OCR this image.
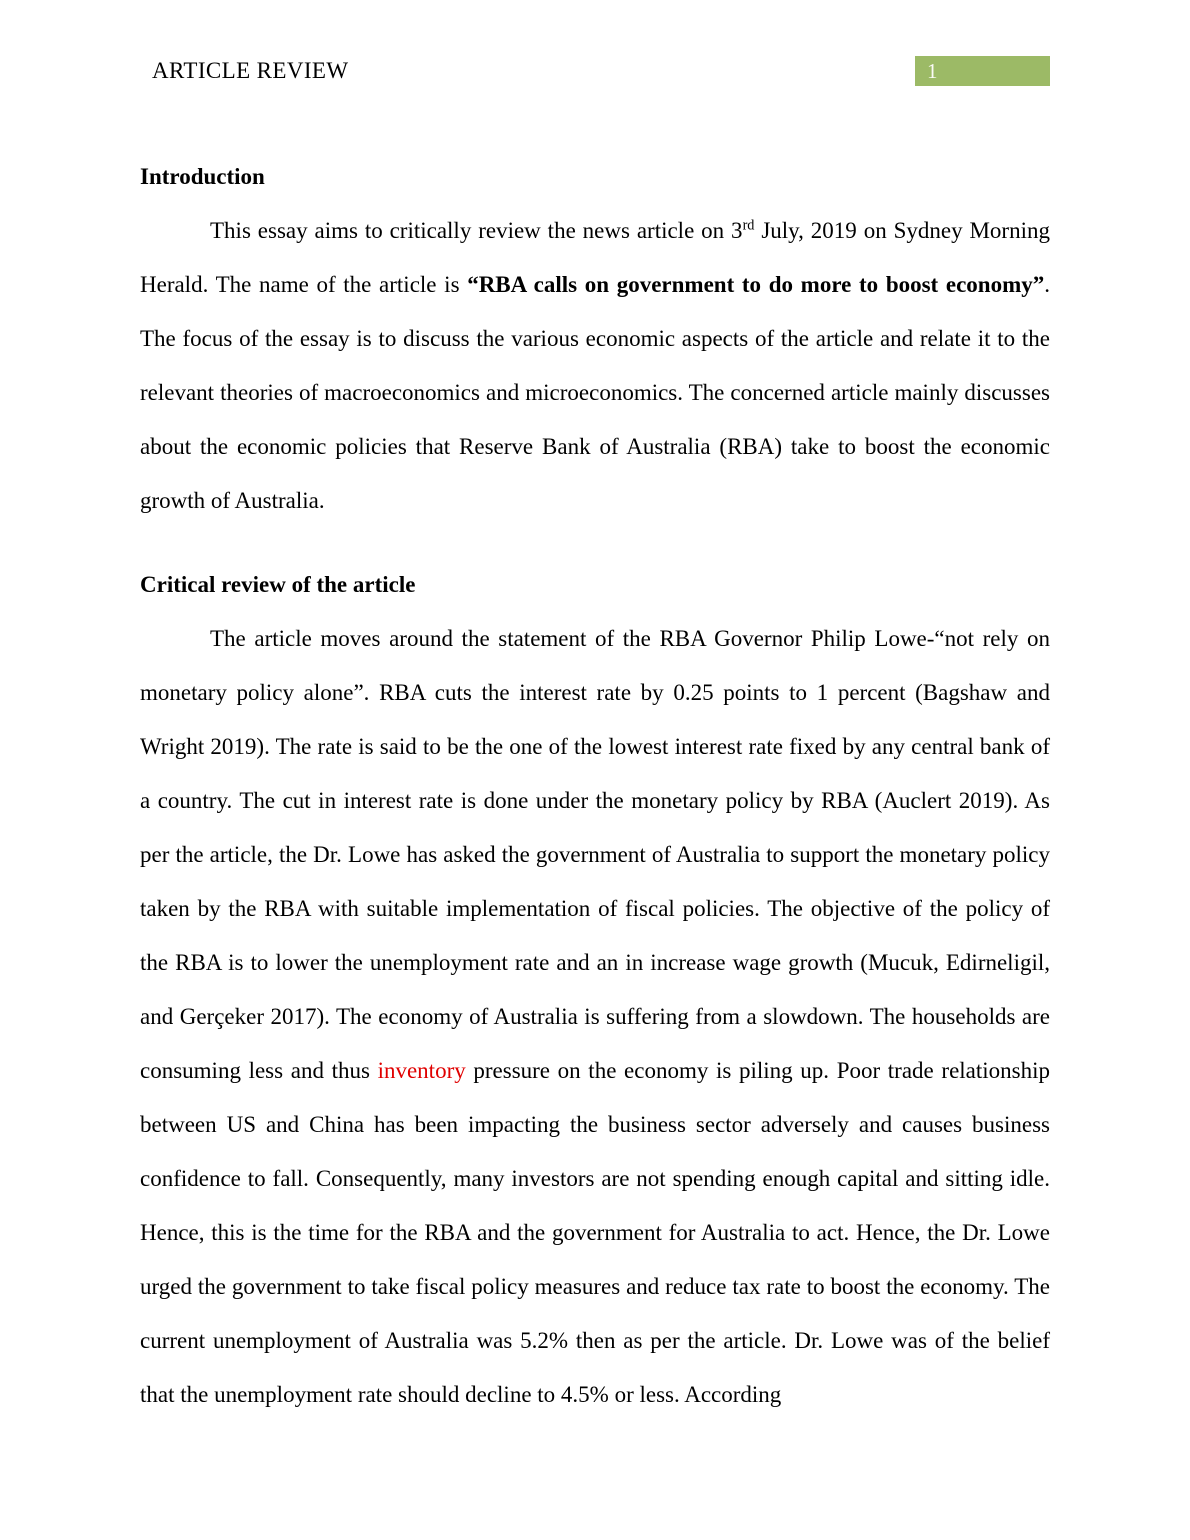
ARTICLE REVIEW	1
Introduction

This essay aims to critically review the news article on 3rd July, 2019 on Sydney Morning Herald. The name of the article is “RBA calls on government to do more to boost economy”. The focus of the essay is to discuss the various economic aspects of the article and relate it to the relevant theories of macroeconomics and microeconomics. The concerned article mainly discusses about the economic policies that Reserve Bank of Australia (RBA) take to boost the economic growth of Australia.

Critical review of the article

The article moves around the statement of the RBA Governor Philip Lowe-“not rely on monetary policy alone”. RBA cuts the interest rate by 0.25 points to 1 percent (Bagshaw and Wright 2019). The rate is said to be the one of the lowest interest rate fixed by any central bank of a country. The cut in interest rate is done under the monetary policy by RBA (Auclert 2019). As per the article, the Dr. Lowe has asked the government of Australia to support the monetary policy taken by the RBA with suitable implementation of fiscal policies. The objective of the policy of the RBA is to lower the unemployment rate and an in increase wage growth (Mucuk, Edirneligil, and Gerçeker 2017). The economy of Australia is suffering from a slowdown. The households are consuming less and thus inventory pressure on the economy is piling up. Poor trade relationship between US and China has been impacting the business sector adversely and causes business confidence to fall. Consequently, many investors are not spending enough capital and sitting idle. Hence, this is the time for the RBA and the government for Australia to act. Hence, the Dr. Lowe urged the government to take fiscal policy measures and reduce tax rate to boost the economy. The current unemployment of Australia was 5.2% then as per the article. Dr. Lowe was of the belief that the unemployment rate should decline to 4.5% or less. According
